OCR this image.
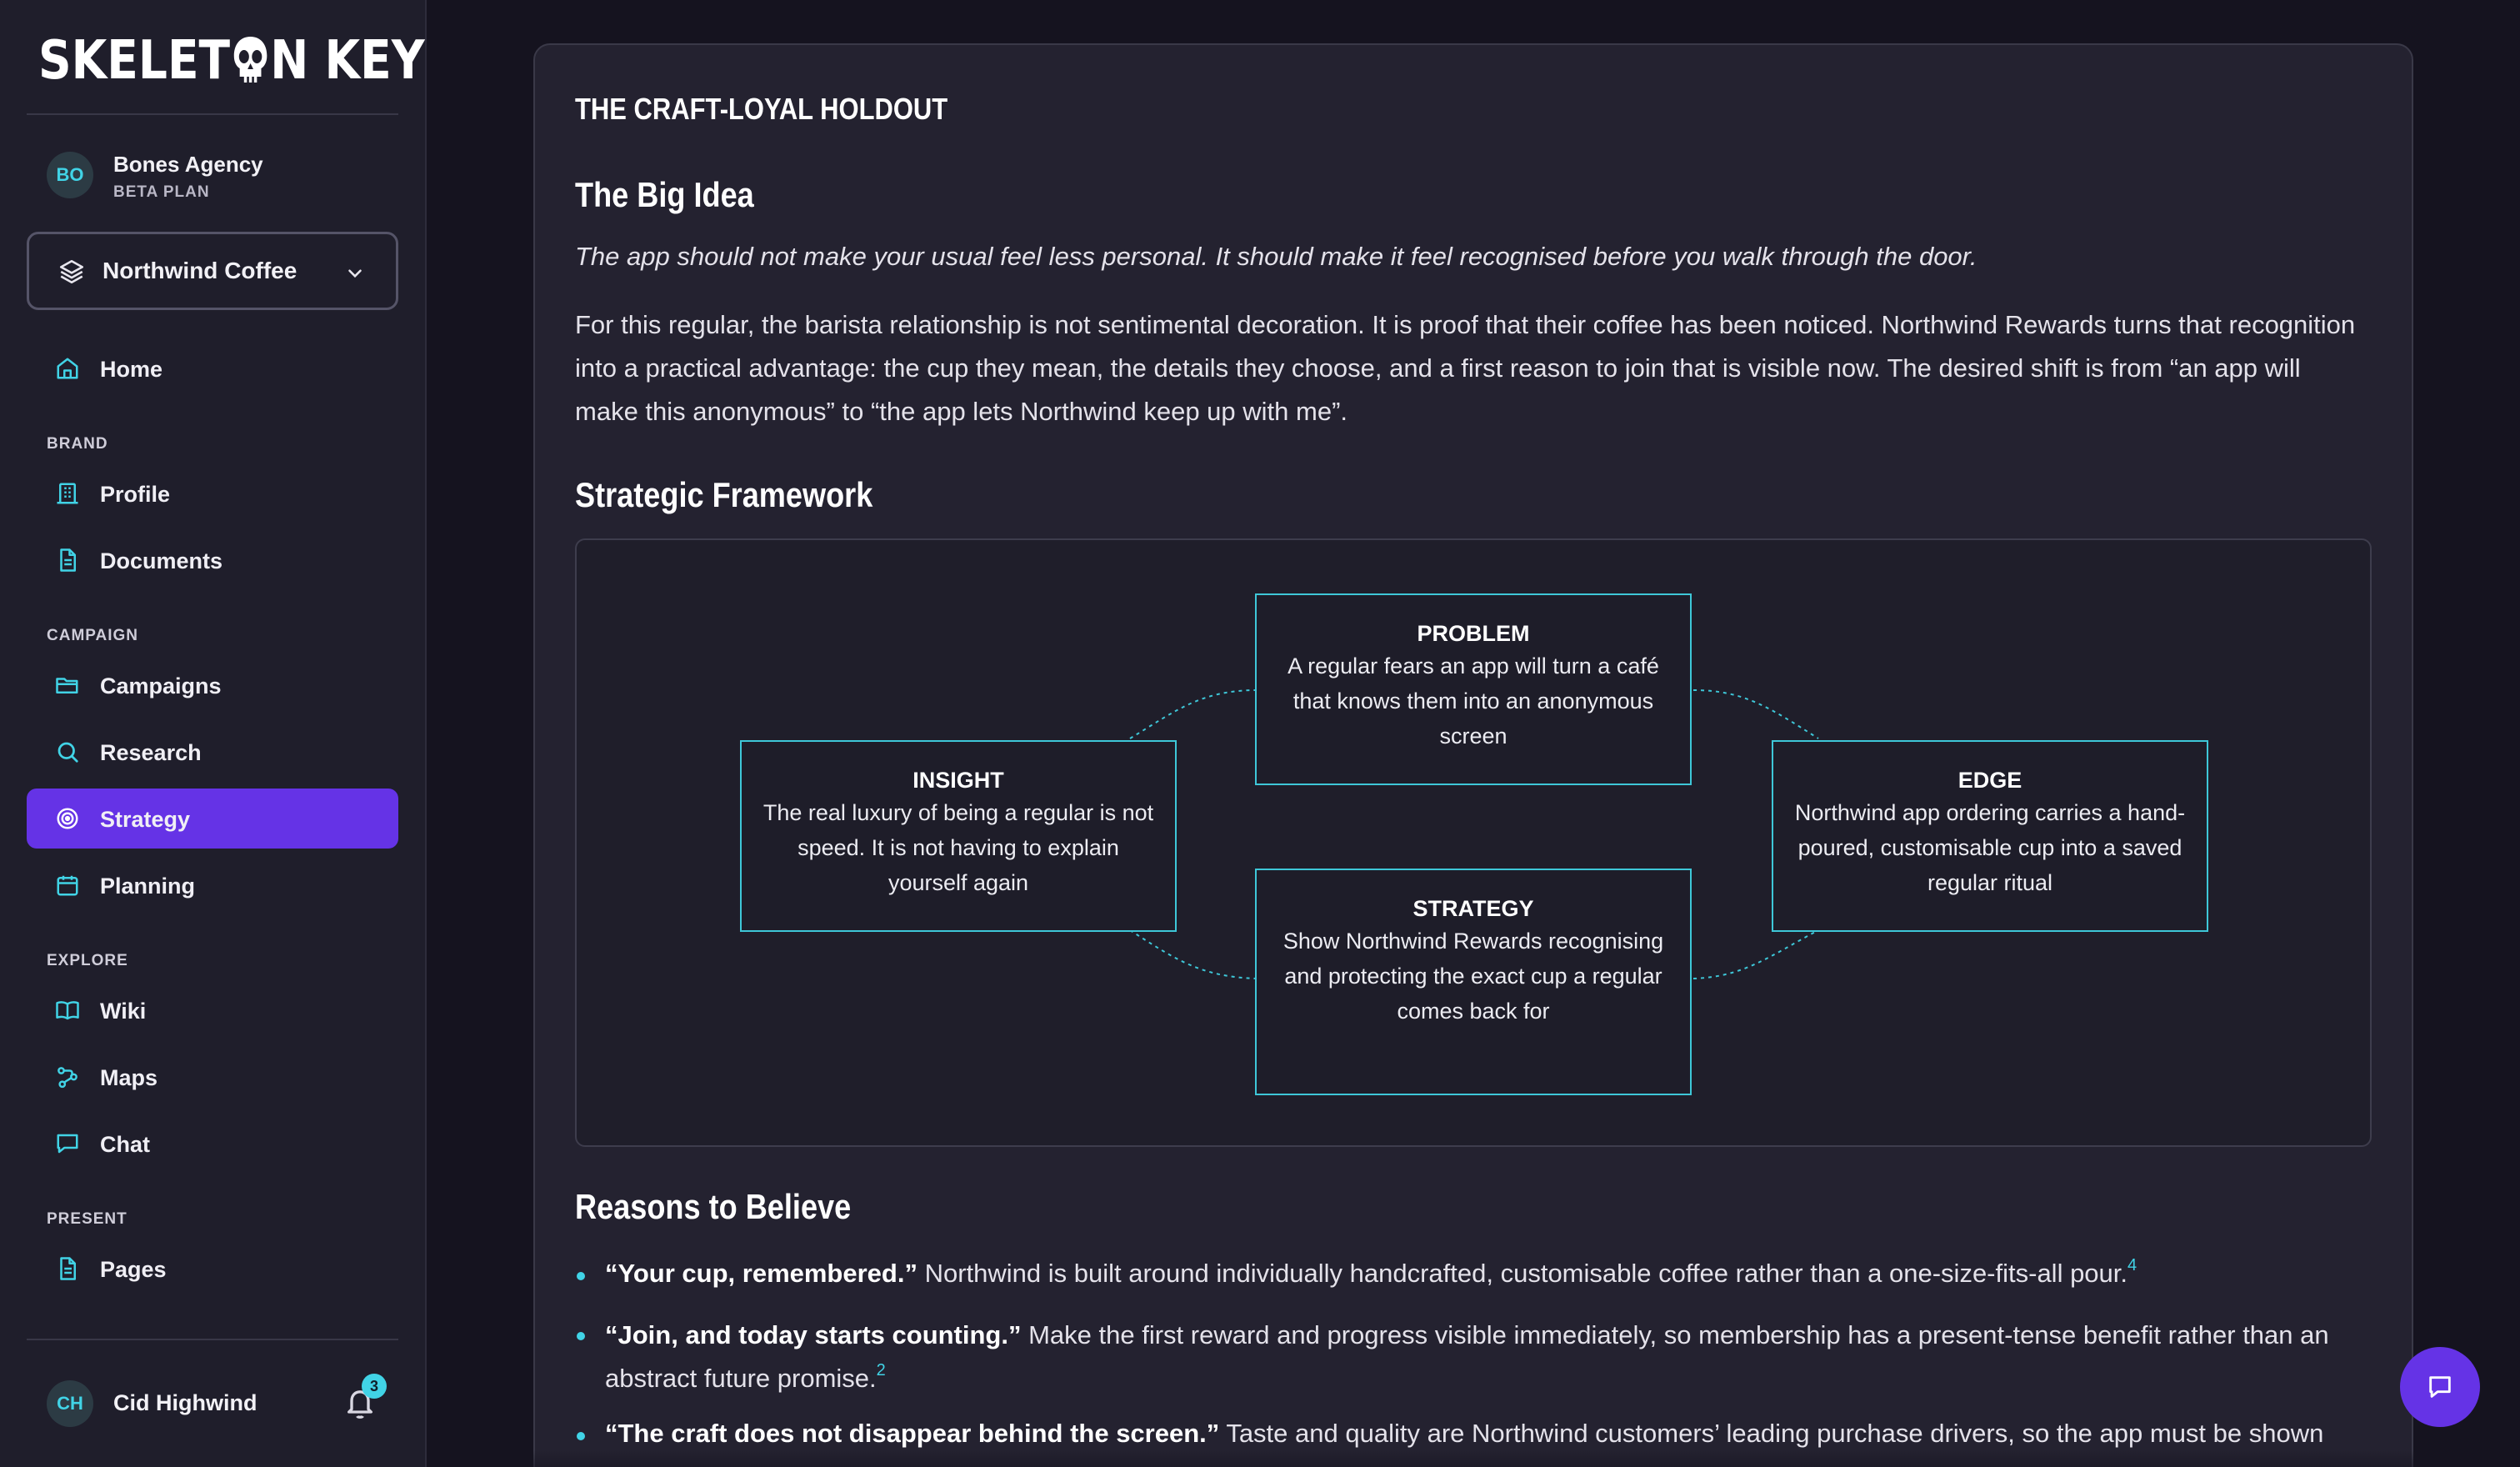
SKELET N KEY
BO	Bones Agency
BETA PLAN
Northwind Coffee
Home
BRAND
Profile
Documents
CAMPAIGN
Campaigns
Research
Strategy
Planning
EXPLORE
Wiki
Maps
Chat
PRESENT
Pages
CH	Cid Highwind
3
THE CRAFT-LOYAL HOLDOUT
The Big Idea
The app should not make your usual feel less personal. It should make it feel recognised before you walk through the door.
For this regular, the barista relationship is not sentimental decoration. It is proof that their coffee has been noticed. Northwind Rewards turns that recognition into a practical advantage: the cup they mean, the details they choose, and a first reason to join that is visible now. The desired shift is from “an app will make this anonymous” to “the app lets Northwind keep up with me”.
Strategic Framework
PROBLEM
A regular fears an app will turn a café that knows them into an anonymous screen
INSIGHT
The real luxury of being a regular is not speed. It is not having to explain yourself again
EDGE
Northwind app ordering carries a hand-poured, customisable cup into a saved regular ritual
STRATEGY
Show Northwind Rewards recognising and protecting the exact cup a regular comes back for
Reasons to Believe
“Your cup, remembered.” Northwind is built around individually handcrafted, customisable coffee rather than a one-size-fits-all pour.$^4$
“Join, and today starts counting.” Make the first reward and progress visible immediately, so membership has a present-tense benefit rather than an abstract future promise.$^2$
“The craft does not disappear behind the screen.” Taste and quality are Northwind customers’ leading purchase drivers, so the app must be shown
